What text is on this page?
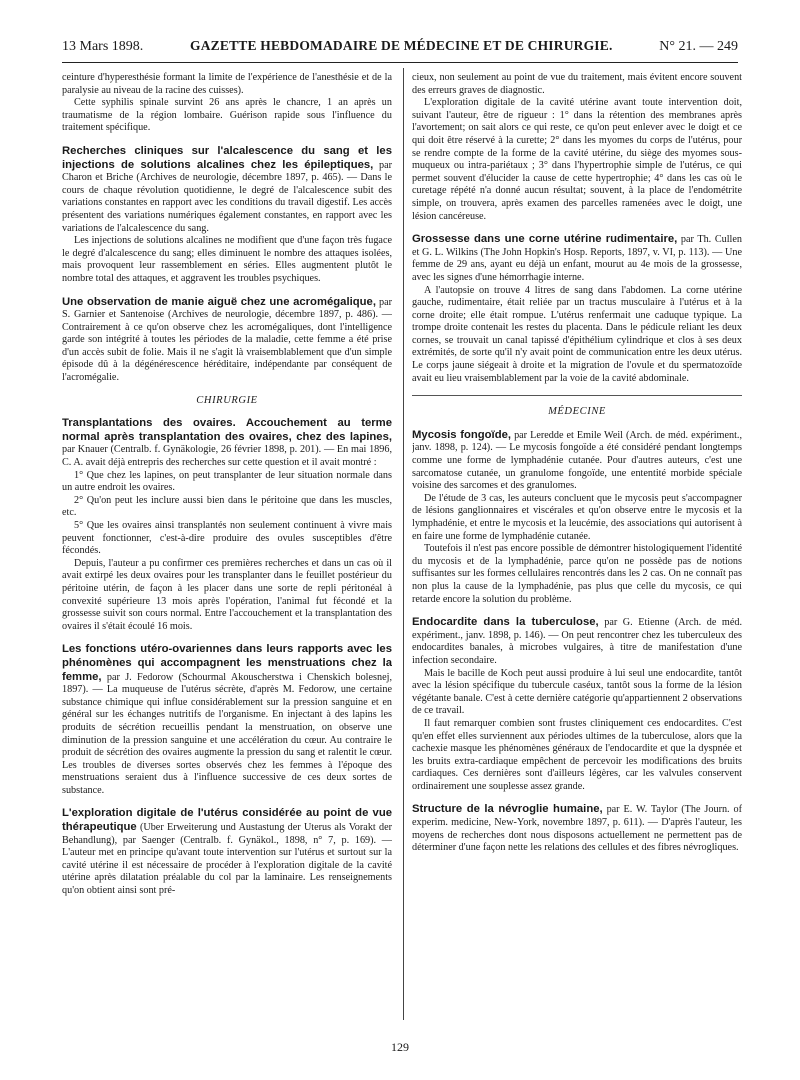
13 Mars 1898.	GAZETTE HEBDOMADAIRE DE MÉDECINE ET DE CHIRURGIE.	N° 21. — 249

ceinture d'hyperesthésie formant la limite de l'expérience de l'anesthésie et de la paralysie au niveau de la racine des cuisses).

Cette syphilis spinale survint 26 ans après le chancre, 1 an après un traumatisme de la région lombaire. Guérison rapide sous l'influence du traitement spécifique.

Recherches cliniques sur l'alcalescence du sang et les injections de solutions alcalines chez les épileptiques, par Charon et Briche (Archives de neurologie, décembre 1897, p. 465). — Dans le cours de chaque révolution quotidienne, le degré de l'alcalescence subit des variations constantes en rapport avec les conditions du travail digestif. Les accès présentent des variations numériques également constantes, en rapport avec les variations de l'alcalescence du sang.

Les injections de solutions alcalines ne modifient que d'une façon très fugace le degré d'alcalescence du sang; elles diminuent le nombre des attaques isolées, mais provoquent leur rassemblement en séries. Elles augmentent plutôt le nombre total des attaques, et aggravent les troubles psychiques.

Une observation de manie aiguë chez une acromégalique, par S. Garnier et Santenoise (Archives de neurologie, décembre 1897, p. 486). — Contrairement à ce qu'on observe chez les acromégaliques, dont l'intelligence garde son intégrité à toutes les périodes de la maladie, cette femme a été prise d'un accès subit de folie. Mais il ne s'agit là vraisemblablement que d'un simple épisode dû à la dégénérescence héréditaire, indépendante par conséquent de l'acromégalie.

CHIRURGIE

Transplantations des ovaires. Accouchement au terme normal après transplantation des ovaires, chez des lapines, par Knauer (Centralb. f. Gynäkologie, 26 février 1898, p. 201). — En mai 1896, C. A. avait déjà entrepris des recherches sur cette question et il avait montré :

1° Que chez les lapines, on peut transplanter de leur situation normale dans un autre endroit les ovaires.

2° Qu'on peut les inclure aussi bien dans le péritoine que dans les muscles, etc.

5° Que les ovaires ainsi transplantés non seulement continuent à vivre mais peuvent fonctionner, c'est-à-dire produire des ovules susceptibles d'être fécondés.

Depuis, l'auteur a pu confirmer ces premières recherches et dans un cas où il avait extirpé les deux ovaires pour les transplanter dans le feuillet postérieur du péritoine utérin, de façon à les placer dans une sorte de repli péritonéal à convexité supérieure 13 mois après l'opération, l'animal fut fécondé et la grossesse suivit son cours normal. Entre l'accouchement et la transplantation des ovaires il s'était écoulé 16 mois.

Les fonctions utéro-ovariennes dans leurs rapports avec les phénomènes qui accompagnent les menstruations chez la femme, par J. Fedorow (Schourmal Akouscherstwa i Chenskich bolesnej, 1897). — La muqueuse de l'utérus sécrète, d'après M. Fedorow, une certaine substance chimique qui influe considérablement sur la pression sanguine et en général sur les échanges nutritifs de l'organisme. En injectant à des lapins les produits de sécrétion recueillis pendant la menstruation, on observe une diminution de la pression sanguine et une accélération du cœur. Au contraire le produit de sécrétion des ovaires augmente la pression du sang et ralentit le cœur. Les troubles de diverses sortes observés chez les femmes à l'époque des menstruations seraient dus à l'influence successive de ces deux sortes de substance.

L'exploration digitale de l'utérus considérée au point de vue thérapeutique (Uber Erweiterung und Austastung der Uterus als Vorakt der Behandlung), par Saenger (Centralb. f. Gynäkol., 1898, n° 7, p. 169). — L'auteur met en principe qu'avant toute intervention sur l'utérus et surtout sur la cavité utérine il est nécessaire de procéder à l'exploration digitale de la cavité utérine après dilatation préalable du col par la laminaire. Les renseignements qu'on obtient ainsi sont pré-

cieux, non seulement au point de vue du traitement, mais évitent encore souvent des erreurs graves de diagnostic.

L'exploration digitale de la cavité utérine avant toute intervention doit, suivant l'auteur, être de rigueur : 1° dans la rétention des membranes après l'avortement; on sait alors ce qui reste, ce qu'on peut enlever avec le doigt et ce qui doit être réservé à la curette; 2° dans les myomes du corps de l'utérus, pour se rendre compte de la forme de la cavité utérine, du siège des myomes sous-muqueux ou intra-pariétaux ; 3° dans l'hypertrophie simple de l'utérus, ce qui permet souvent d'élucider la cause de cette hypertrophie; 4° dans les cas où le curetage répété n'a donné aucun résultat; souvent, à la place de l'endométrite simple, on trouvera, après examen des parcelles ramenées avec le doigt, une lésion cancéreuse.

Grossesse dans une corne utérine rudimentaire, par Th. Cullen et G. L. Wilkins (The John Hopkin's Hosp. Reports, 1897, v. VI, p. 113). — Une femme de 29 ans, ayant eu déjà un enfant, mourut au 4e mois de la grossesse, avec les signes d'une hémorrhagie interne.

A l'autopsie on trouve 4 litres de sang dans l'abdomen. La corne utérine gauche, rudimentaire, était reliée par un tractus musculaire à l'utérus et à la corne droite; elle était rompue. L'utérus renfermait une caduque typique. La trompe droite contenait les restes du placenta. Dans le pédicule reliant les deux cornes, se trouvait un canal tapissé d'épithélium cylindrique et clos à ses deux extrémités, de sorte qu'il n'y avait point de communication entre les deux utérus. Le corps jaune siégeait à droite et la migration de l'ovule et du spermatozoïde avait eu lieu vraisemblablement par la voie de la cavité abdominale.

MÉDECINE

Mycosis fongoïde, par Leredde et Emile Weil (Arch. de méd. expériment., janv. 1898, p. 124). — Le mycosis fongoïde a été considéré pendant longtemps comme une forme de lymphadénie cutanée. Pour d'autres auteurs, c'est une sarcomatose cutanée, un granulome fongoïde, une ententité morbide spéciale voisine des sarcomes et des granulomes.

De l'étude de 3 cas, les auteurs concluent que le mycosis peut s'accompagner de lésions ganglionnaires et viscérales et qu'on observe entre le mycosis et la lymphadénie, et entre le mycosis et la leucémie, des associations qui autorisent à en faire une forme de lymphadénie cutanée.

Toutefois il n'est pas encore possible de démontrer histologiquement l'identité du mycosis et de la lymphadénie, parce qu'on ne possède pas de notions suffisantes sur les formes cellulaires rencontrés dans les 2 cas. On ne connaît pas non plus la cause de la lymphadénie, pas plus que celle du mycosis, ce qui retarde encore la solution du problème.

Endocardite dans la tuberculose, par G. Etienne (Arch. de méd. expériment., janv. 1898, p. 146). — On peut rencontrer chez les tuberculeux des endocardites banales, à microbes vulgaires, à titre de manifestation d'une infection secondaire.

Mais le bacille de Koch peut aussi produire à lui seul une endocardite, tantôt avec la lésion spécifique du tubercule caséux, tantôt sous la forme de la lésion végétante banale. C'est à cette dernière catégorie qu'appartiennent 2 observations de ce travail.

Il faut remarquer combien sont frustes cliniquement ces endocardites. C'est qu'en effet elles surviennent aux périodes ultimes de la tuberculose, alors que la cachexie masque les phénomènes généraux de l'endocardite et que la dyspnée et les bruits extra-cardiaque empêchent de percevoir les modifications des bruits cardiaques. Ces dernières sont d'ailleurs légères, car les valvules conservent ordinairement une souplesse assez grande.

Structure de la névroglie humaine, par E. W. Taylor (The Journ. of experim. medicine, New-York, novembre 1897, p. 611). — D'après l'auteur, les moyens de recherches dont nous disposons actuellement ne permettent pas de déterminer d'une façon nette les relations des cellules et des fibres névrogliques.

129
